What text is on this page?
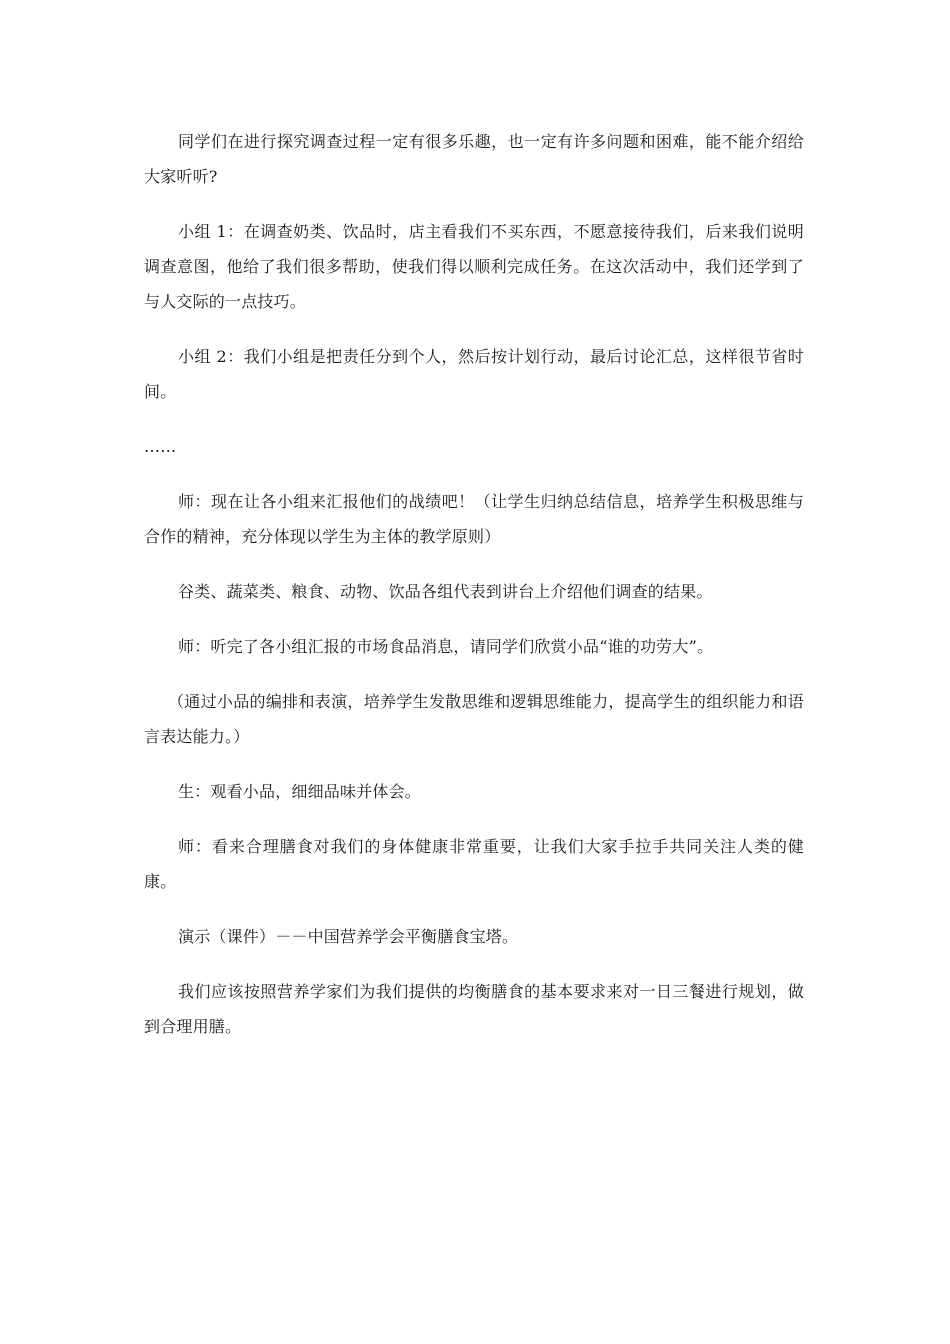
同学们在进行探究调查过程一定有很多乐趣，也一定有许多问题和困难，能不能介绍给大家听听?

小组 1：在调查奶类、饮品时，店主看我们不买东西，不愿意接待我们，后来我们说明调查意图，他给了我们很多帮助，使我们得以顺利完成任务。在这次活动中，我们还学到了与人交际的一点技巧。

小组 2：我们小组是把责任分到个人，然后按计划行动，最后讨论汇总，这样很节省时间。

……

师：现在让各小组来汇报他们的战绩吧！（让学生归纳总结信息，培养学生积极思维与合作的精神，充分体现以学生为主体的教学原则）

谷类、蔬菜类、粮食、动物、饮品各组代表到讲台上介绍他们调查的结果。

师：听完了各小组汇报的市场食品消息，请同学们欣赏小品“谁的功劳大”。

（通过小品的编排和表演，培养学生发散思维和逻辑思维能力，提高学生的组织能力和语言表达能力。）

生：观看小品，细细品味并体会。

师：看来合理膳食对我们的身体健康非常重要，让我们大家手拉手共同关注人类的健康。

演示（课件）－－中国营养学会平衡膳食宝塔。

我们应该按照营养学家们为我们提供的均衡膳食的基本要求来对一日三餐进行规划，做到合理用膳。
